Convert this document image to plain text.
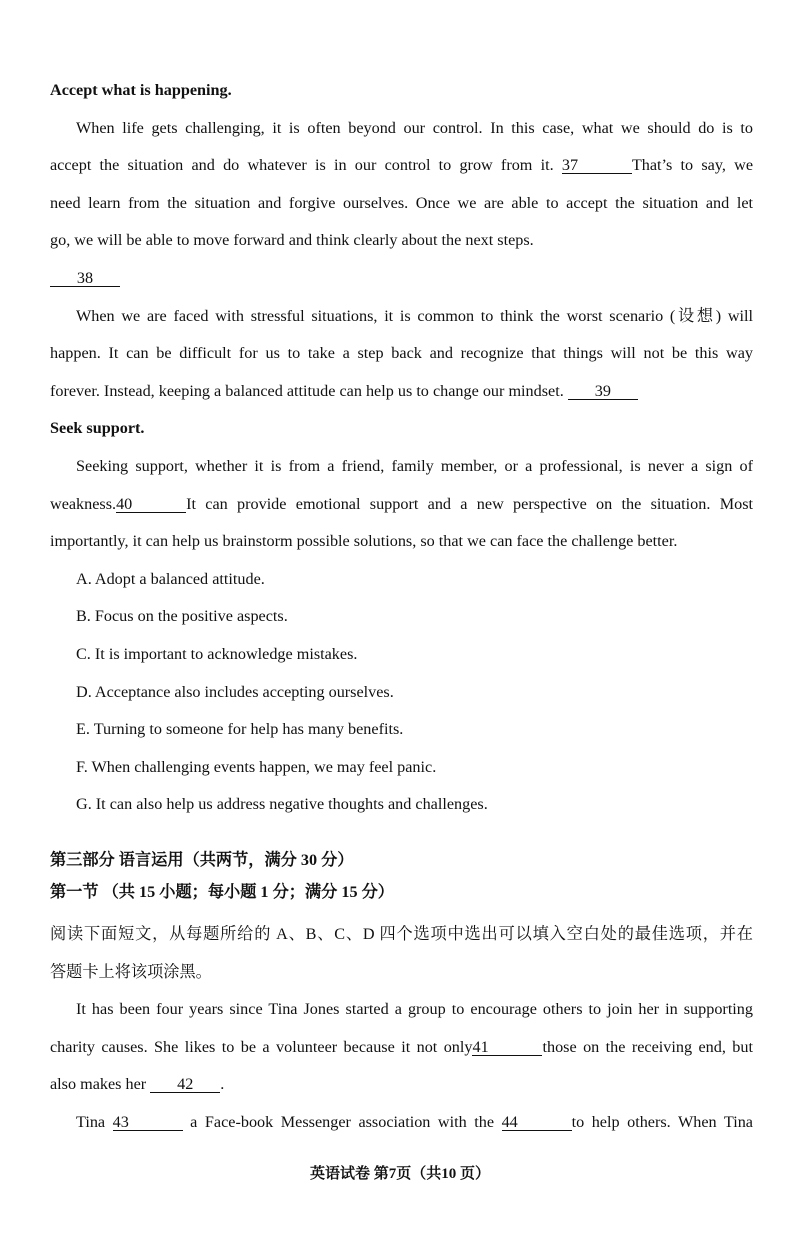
Accept what is happening.
When life gets challenging, it is often beyond our control. In this case, what we should do is to
accept the situation and do whatever is in our control to grow from it. 37	That’s to say, we
need learn from the situation and forgive ourselves. Once we are able to accept the situation and let
go, we will be able to move forward and think clearly about the next steps.
38
When we are faced with stressful situations, it is common to think the worst scenario (设想) will
happen. It can be difficult for us to take a step back and recognize that things will not be this way
forever. Instead, keeping a balanced attitude can help us to change our mindset. 39
Seek support.
Seeking support, whether it is from a friend, family member, or a professional, is never a sign of
weakness.40	It can provide emotional support and a new perspective on the situation. Most
importantly, it can help us brainstorm possible solutions, so that we can face the challenge better.
A. Adopt a balanced attitude.
B. Focus on the positive aspects.
C. It is important to acknowledge mistakes.
D. Acceptance also includes accepting ourselves.
E. Turning to someone for help has many benefits.
F. When challenging events happen, we may feel panic.
G. It can also help us address negative thoughts and challenges.
第三部分 语言运用（共两节，满分 30 分）
第一节 （共 15 小题；每小题 1 分；满分 15 分）
阅读下面短文，从每题所给的 A、B、C、D 四个选项中选出可以填入空白处的最佳选项，并在
答题卡上将该项涂黑。
It has been four years since Tina Jones started a group to encourage others to join her in supporting
charity causes. She likes to be a volunteer because it not only41	those on the receiving end, but
also makes her 42 .
Tina 43	a Face-book Messenger association with the 44	to help others. When Tina
英语试卷 第7页（共10 页）
